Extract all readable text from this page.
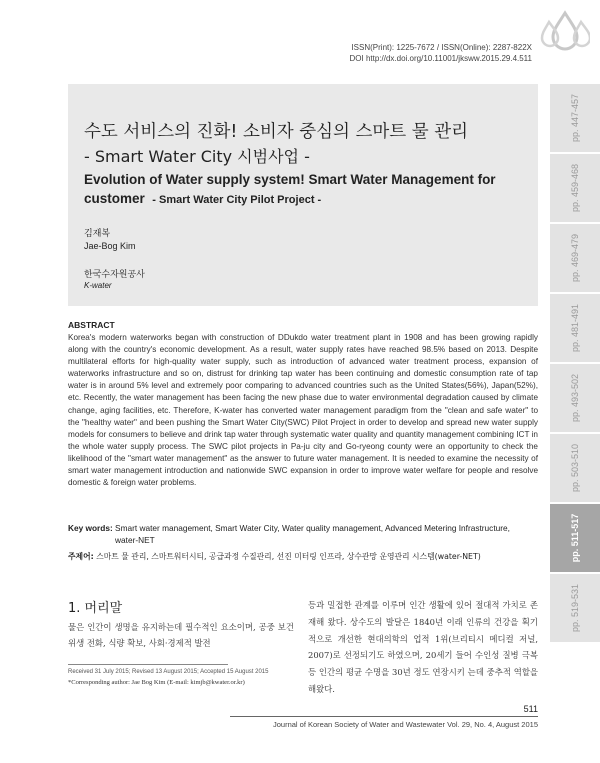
ISSN(Print): 1225-7672 / ISSN(Online): 2287-822X
DOI http://dx.doi.org/10.11001/jksww.2015.29.4.511
pp. 447-457
pp. 459-468
pp. 469-479
pp. 481-491
pp. 493-502
pp. 503-510
pp. 511-517
pp. 519-531
수도 서비스의 진화! 소비자 중심의 스마트 물 관리
- Smart Water City 시범사업 -
Evolution of Water supply system! Smart Water Management for customer - Smart Water City Pilot Project -
김재복
Jae-Bog Kim
한국수자원공사
K-water
ABSTRACT
Korea's modern waterworks began with construction of DDukdo water treatment plant in 1908 and has been growing rapidly along with the country's economic development. As a result, water supply rates have reached 98.5% based on 2013. Despite multilateral efforts for high-quality water supply, such as introduction of advanced water treatment process, expansion of waterworks infrastructure and so on, distrust for drinking tap water has been continuing and domestic consumption rate of tap water is in around 5% level and extremely poor comparing to advanced countries such as the United States(56%), Japan(52%), etc. Recently, the water management has been facing the new phase due to water environmental degradation caused by climate change, aging facilities, etc. Therefore, K-water has converted water management paradigm from the "clean and safe water" to the "healthy water" and been pushing the Smart Water City(SWC) Pilot Project in order to develop and spread new water supply models for consumers to believe and drink tap water through systematic water quality and quantity management combining ICT in the whole water supply process. The SWC pilot projects in Pa-ju city and Go-ryeong county were an opportunity to check the likelihood of the "smart water management" as the answer to future water management. It is needed to examine the necessity of smart water management introduction and nationwide SWC expansion in order to improve water welfare for people and resolve domestic & foreign water problems.
Key words: Smart water management, Smart Water City, Water quality management, Advanced Metering Infrastructure, water-NET
주제어: 스마트 물 관리, 스마트워터시티, 공급과정 수질관리, 선진 미터링 인프라, 상수관망 운영관리 시스템(water-NET)
1. 머리말
물은 인간이 생명을 유지하는데 필수적인 요소이며, 공중 보건위생 전화, 식량 확보, 사회·경제적 발전
등과 밀접한 관계를 이루며 인간 생활에 있어 절대적 가치로 존재해 왔다. 상수도의 발달은 1840년 이래 인류의 건강을 획기적으로 개선한 현대의학의 업적 1위(브리티시 메디컬 저널, 2007)로 선정되기도 하였으며, 20세기 들어 수인성 질병 극복 등 인간의 평균 수명을 30년 정도 연장시키 는데 중추적 역할을 해왔다.
Received 31 July 2015; Revised 13 August 2015; Accepted 15 August 2015
*Corresponding author: Jae Bog Kim (E-mail: kimjb@kwater.or.kr)
511
Journal of Korean Society of Water and Wastewater Vol. 29, No. 4, August 2015
